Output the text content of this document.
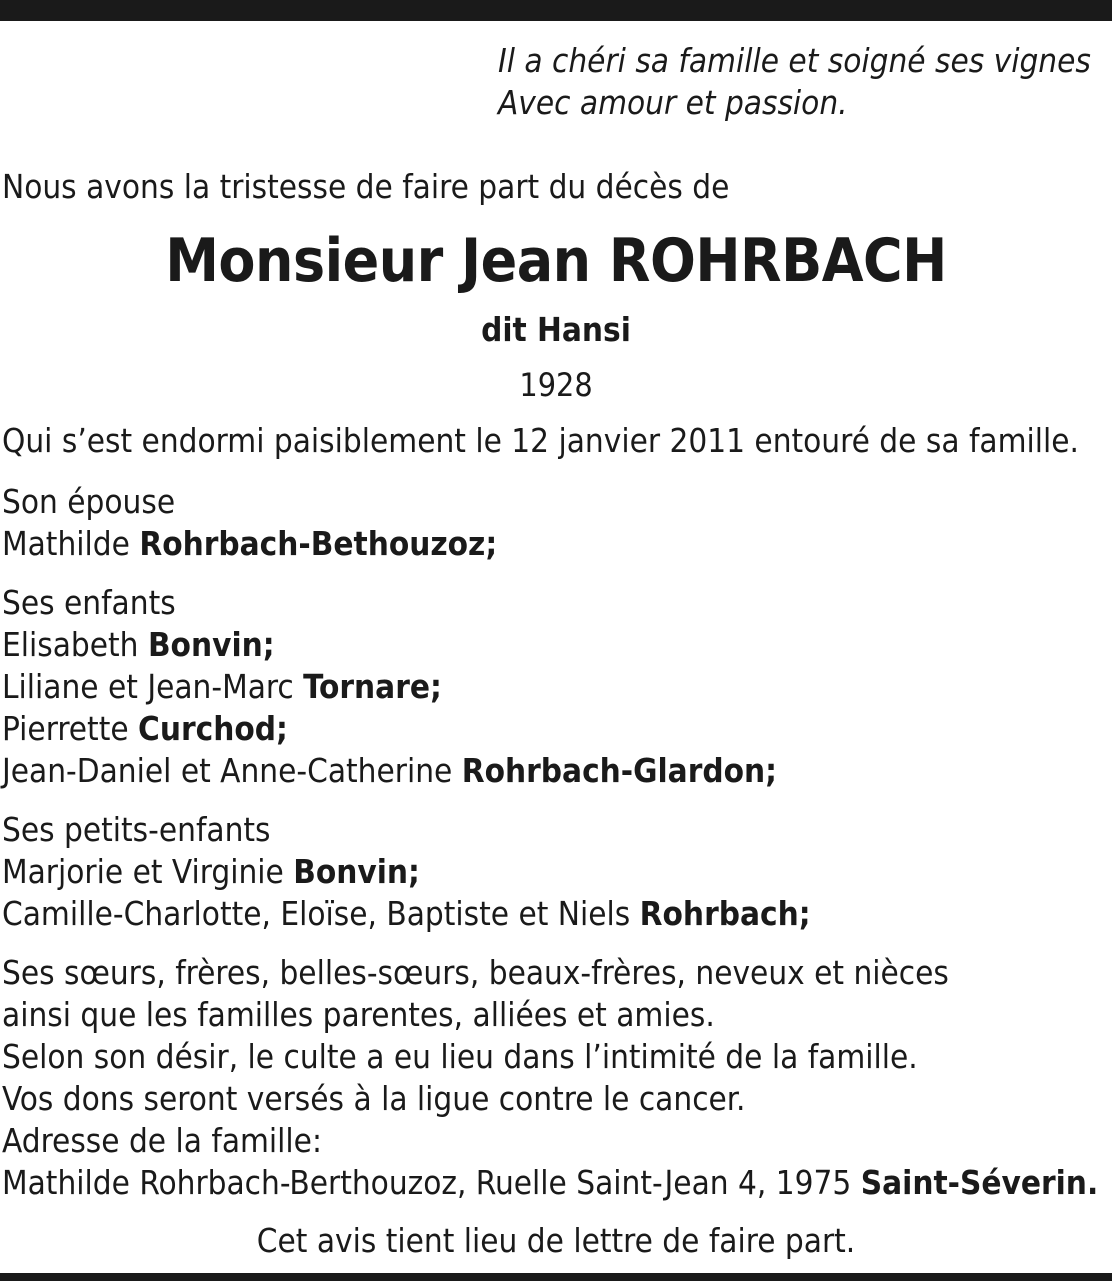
Il a chéri sa famille et soigné ses vignes
Avec amour et passion.
Nous avons la tristesse de faire part du décès de
Monsieur Jean ROHRBACH
dit Hansi
1928
Qui s’est endormi paisiblement le 12 janvier 2011 entouré de sa famille.
Son épouse
Mathilde Rohrbach-Bethouzoz;
Ses enfants
Elisabeth Bonvin;
Liliane et Jean-Marc Tornare;
Pierrette Curchod;
Jean-Daniel et Anne-Catherine Rohrbach-Glardon;
Ses petits-enfants
Marjorie et Virginie Bonvin;
Camille-Charlotte, Eloïse, Baptiste et Niels Rohrbach;
Ses sœurs, frères, belles-sœurs, beaux-frères, neveux et nièces
ainsi que les familles parentes, alliées et amies.
Selon son désir, le culte a eu lieu dans l’intimité de la famille.
Vos dons seront versés à la ligue contre le cancer.
Adresse de la famille:
Mathilde Rohrbach-Berthouzoz, Ruelle Saint-Jean 4, 1975 Saint-Séverin.
Cet avis tient lieu de lettre de faire part.
